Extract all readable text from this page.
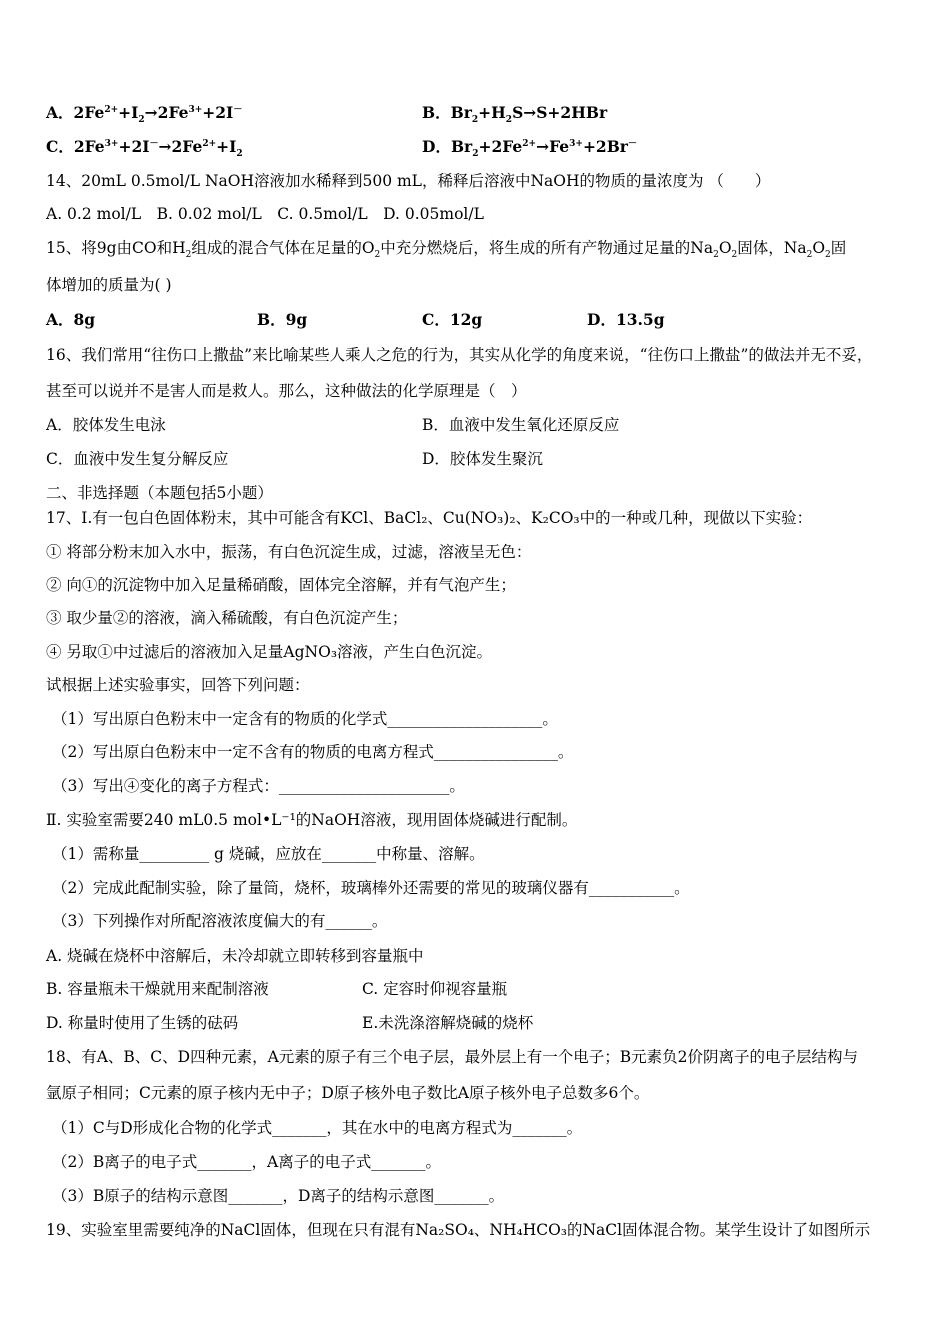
A．$2Fe^{2+}+I_2\to 2Fe^{3+}+2I^-$	B．$Br_2+H_2S\to S+2HBr$
C．$2Fe^{3+}+2I^-\to 2Fe^{2+}+I_2$	D．$Br_2+2Fe^{2+}\to Fe^{3+}+2Br^-$
14、20mL 0.5mol/L NaOH溶液加水稀释到500 mL，稀释后溶液中NaOH的物质的量浓度为 （　　）
A. 0.2 mol/L　B. 0.02 mol/L　C. 0.5mol/L　D. 0.05mol/L
15、将9g由CO和$H_2$组成的混合气体在足量的$O_2$中充分燃烧后，将生成的所有产物通过足量的$Na_2O_2$固体，$Na_2O_2$固
体增加的质量为( )
A．8g	B．9g	C．12g	D．13.5g
16、我们常用“往伤口上撒盐”来比喻某些人乘人之危的行为，其实从化学的角度来说，“往伤口上撒盐”的做法并无不妥，
甚至可以说并不是害人而是救人。那么，这种做法的化学原理是（　）
A．胶体发生电泳	B．血液中发生氧化还原反应
C．血液中发生复分解反应	D．胶体发生聚沉
二、非选择题（本题包括5小题）
17、Ⅰ.有一包白色固体粉末，其中可能含有KCl、BaCl₂、Cu(NO₃)₂、K₂CO₃中的一种或几种，现做以下实验：
① 将部分粉末加入水中，振荡，有白色沉淀生成，过滤，溶液呈无色：
② 向①的沉淀物中加入足量稀硝酸，固体完全溶解，并有气泡产生；
③ 取少量②的溶液，滴入稀硫酸，有白色沉淀产生；
④ 另取①中过滤后的溶液加入足量AgNO₃溶液，产生白色沉淀。
试根据上述实验事实，回答下列问题：
（1）写出原白色粉末中一定含有的物质的化学式____________________。
（2）写出原白色粉末中一定不含有的物质的电离方程式________________。
（3）写出④变化的离子方程式：______________________。
Ⅱ. 实验室需要240 mL0.5 mol•L⁻¹的NaOH溶液，现用固体烧碱进行配制。
（1）需称量_________ g 烧碱，应放在_______中称量、溶解。
（2）完成此配制实验，除了量筒，烧杯，玻璃棒外还需要的常见的玻璃仪器有___________。
（3）下列操作对所配溶液浓度偏大的有______。
A. 烧碱在烧杯中溶解后，未冷却就立即转移到容量瓶中
B. 容量瓶未干燥就用来配制溶液	C. 定容时仰视容量瓶
D. 称量时使用了生锈的砝码	E.未洗涤溶解烧碱的烧杯
18、有A、B、C、D四种元素，A元素的原子有三个电子层，最外层上有一个电子；B元素负2价阴离子的电子层结构与
氩原子相同；C元素的原子核内无中子；D原子核外电子数比A原子核外电子总数多6个。
（1）C与D形成化合物的化学式_______，其在水中的电离方程式为_______。
（2）B离子的电子式_______，A离子的电子式_______。
（3）B原子的结构示意图_______，D离子的结构示意图_______。
19、实验室里需要纯净的NaCl固体，但现在只有混有Na₂SO₄、NH₄HCO₃的NaCl固体混合物。某学生设计了如图所示
